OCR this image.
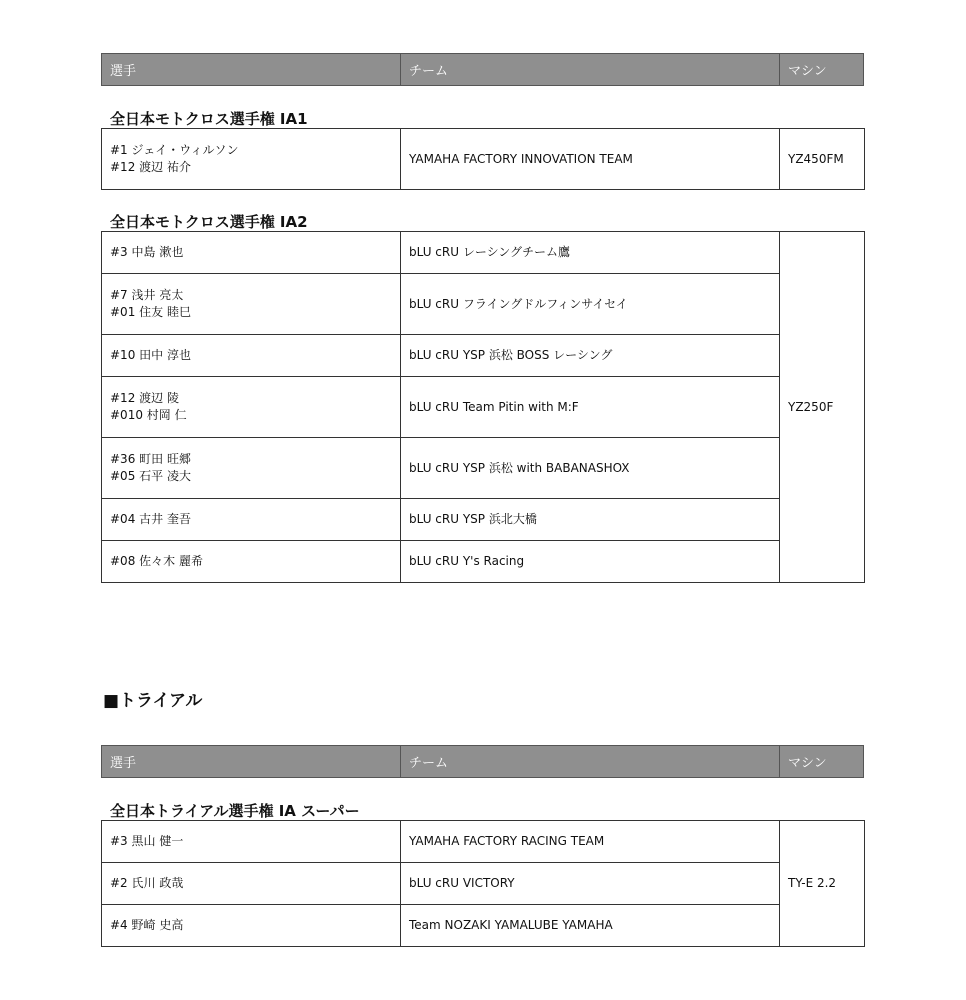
選手	チーム	マシン
全日本モトクロス選手権 IA1
#1 ジェイ・ウィルソン
#12 渡辺 祐介
	YAMAHA FACTORY INNOVATION TEAM	YZ450FM
全日本モトクロス選手権 IA2
#3 中島 漱也	bLU cRU レーシングチーム鷹	YZ250F

#7 浅井 亮太
#01 住友 睦巳	bLU cRU フライングドルフィンサイセイ	

#10 田中 淳也	bLU cRU YSP 浜松 BOSS レーシング	

#12 渡辺 陵
#010 村岡 仁	bLU cRU Team Pitin with M:F	

#36 町田 旺郷
#05 石平 凌大	bLU cRU YSP 浜松 with BABANASHOX	

#04 古井 奎吾	bLU cRU YSP 浜北大橋	

#08 佐々木 麗希	bLU cRU Y's Racing	
■トライアル
選手	チーム	マシン
全日本トライアル選手権 IA スーパー
#3 黒山 健一	YAMAHA FACTORY RACING TEAM	TY-E 2.2

#2 氏川 政哉	bLU cRU VICTORY	

#4 野崎 史高	Team NOZAKI YAMALUBE YAMAHA	
